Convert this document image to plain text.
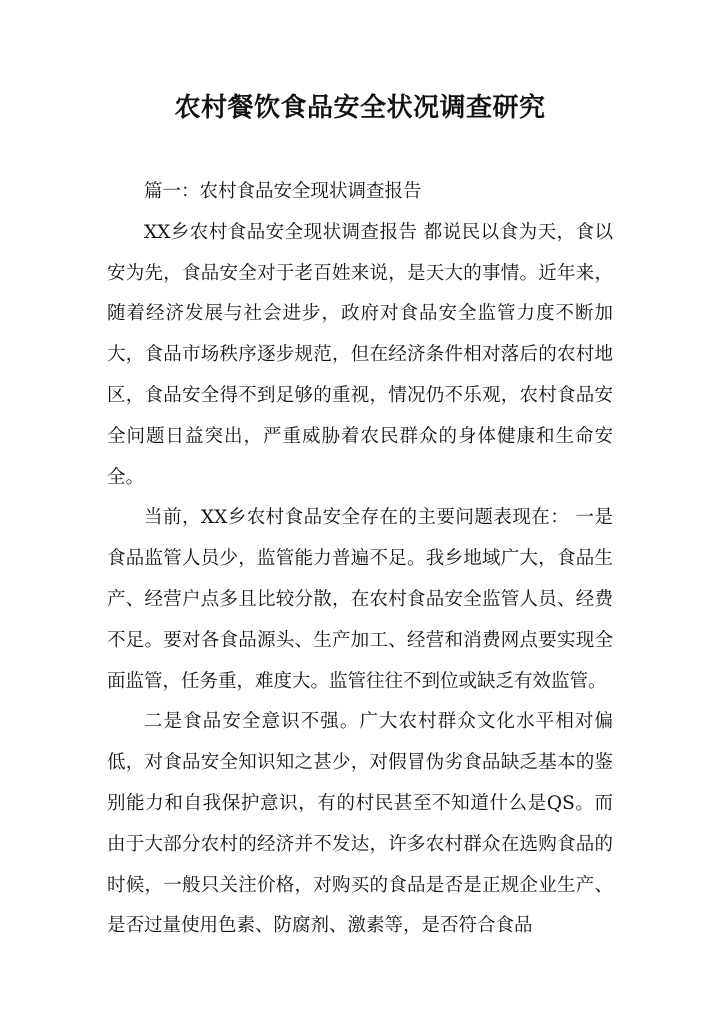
农村餐饮食品安全状况调查研究

篇一：农村食品安全现状调查报告

XX乡农村食品安全现状调查报告 都说民以食为天，食以安为先，食品安全对于老百姓来说，是天大的事情。近年来，随着经济发展与社会进步，政府对食品安全监管力度不断加大，食品市场秩序逐步规范，但在经济条件相对落后的农村地区，食品安全得不到足够的重视，情况仍不乐观，农村食品安全问题日益突出，严重威胁着农民群众的身体健康和生命安全。

当前，XX乡农村食品安全存在的主要问题表现在： 一是食品监管人员少，监管能力普遍不足。我乡地域广大，食品生产、经营户点多且比较分散，在农村食品安全监管人员、经费不足。要对各食品源头、生产加工、经营和消费网点要实现全面监管，任务重，难度大。监管往往不到位或缺乏有效监管。

二是食品安全意识不强。广大农村群众文化水平相对偏低，对食品安全知识知之甚少，对假冒伪劣食品缺乏基本的鉴别能力和自我保护意识，有的村民甚至不知道什么是QS。而由于大部分农村的经济并不发达，许多农村群众在选购食品的时候，一般只关注价格，对购买的食品是否是正规企业生产、是否过量使用色素、防腐剂、激素等，是否符合食品
